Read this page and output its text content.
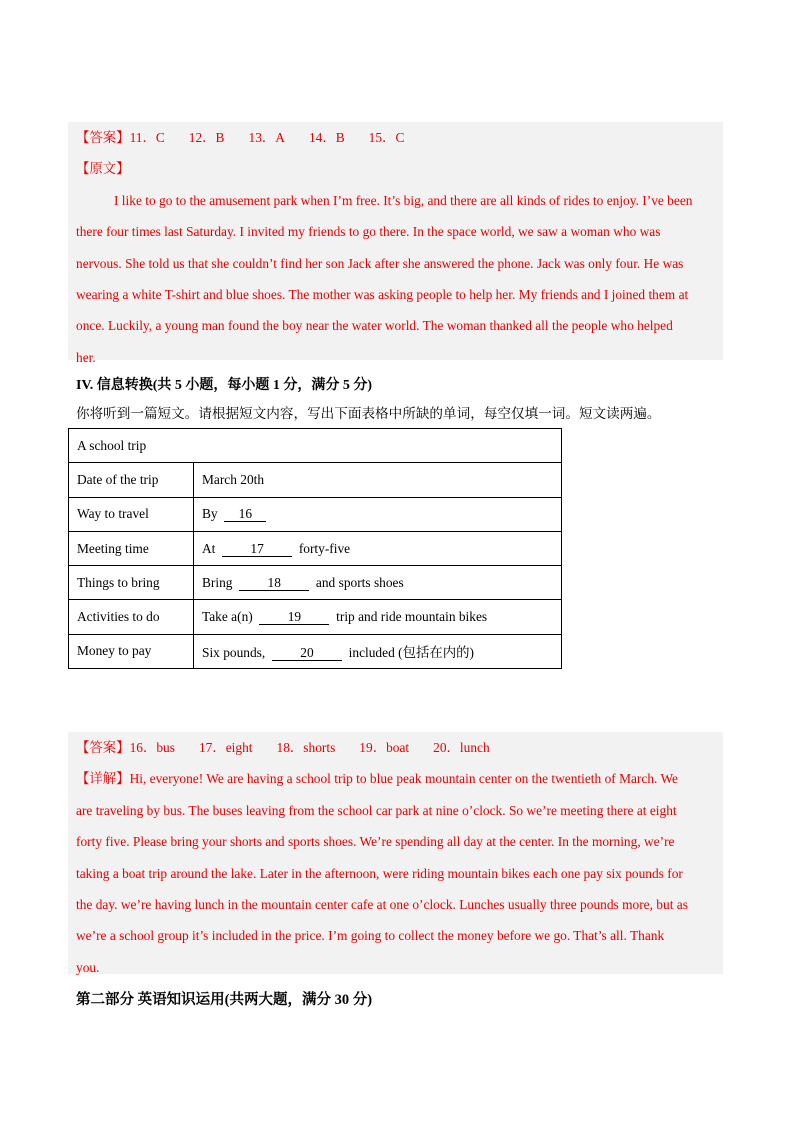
【答案】11．C 12．B 13．A 14．B 15．C
【原文】
I like to go to the amusement park when I’m free. It’s big, and there are all kinds of rides to enjoy. I’ve been
there four times last Saturday. I invited my friends to go there. In the space world, we saw a woman who was
nervous. She told us that she couldn’t find her son Jack after she answered the phone. Jack was only four. He was
wearing a white T-shirt and blue shoes. The mother was asking people to help her. My friends and I joined them at
once. Luckily, a young man found the boy near the water world. The woman thanked all the people who helped
her.
IV. 信息转换(共 5 小题，每小题 1 分，满分 5 分)
你将听到一篇短文。请根据短文内容，写出下面表格中所缺的单词，每空仅填一词。短文读两遍。
A school trip	
Date of the trip	March 20th
Way to travel	By 16
Meeting time	At 17 forty-five
Things to bring	Bring 18 and sports shoes
Activities to do	Take a(n) 19 trip and ride mountain bikes
Money to pay	Six pounds, 20 included (包括在内的)
【答案】16．bus 17．eight 18．shorts 19．boat 20．lunch
【详解】Hi, everyone! We are having a school trip to blue peak mountain center on the twentieth of March. We
are traveling by bus. The buses leaving from the school car park at nine o’clock. So we’re meeting there at eight
forty five. Please bring your shorts and sports shoes. We’re spending all day at the center. In the morning, we’re
taking a boat trip around the lake. Later in the afternoon, were riding mountain bikes each one pay six pounds for
the day. we’re having lunch in the mountain center cafe at one o’clock. Lunches usually three pounds more, but as
we’re a school group it’s included in the price. I’m going to collect the money before we go. That’s all. Thank
you.
第二部分 英语知识运用(共两大题，满分 30 分)
